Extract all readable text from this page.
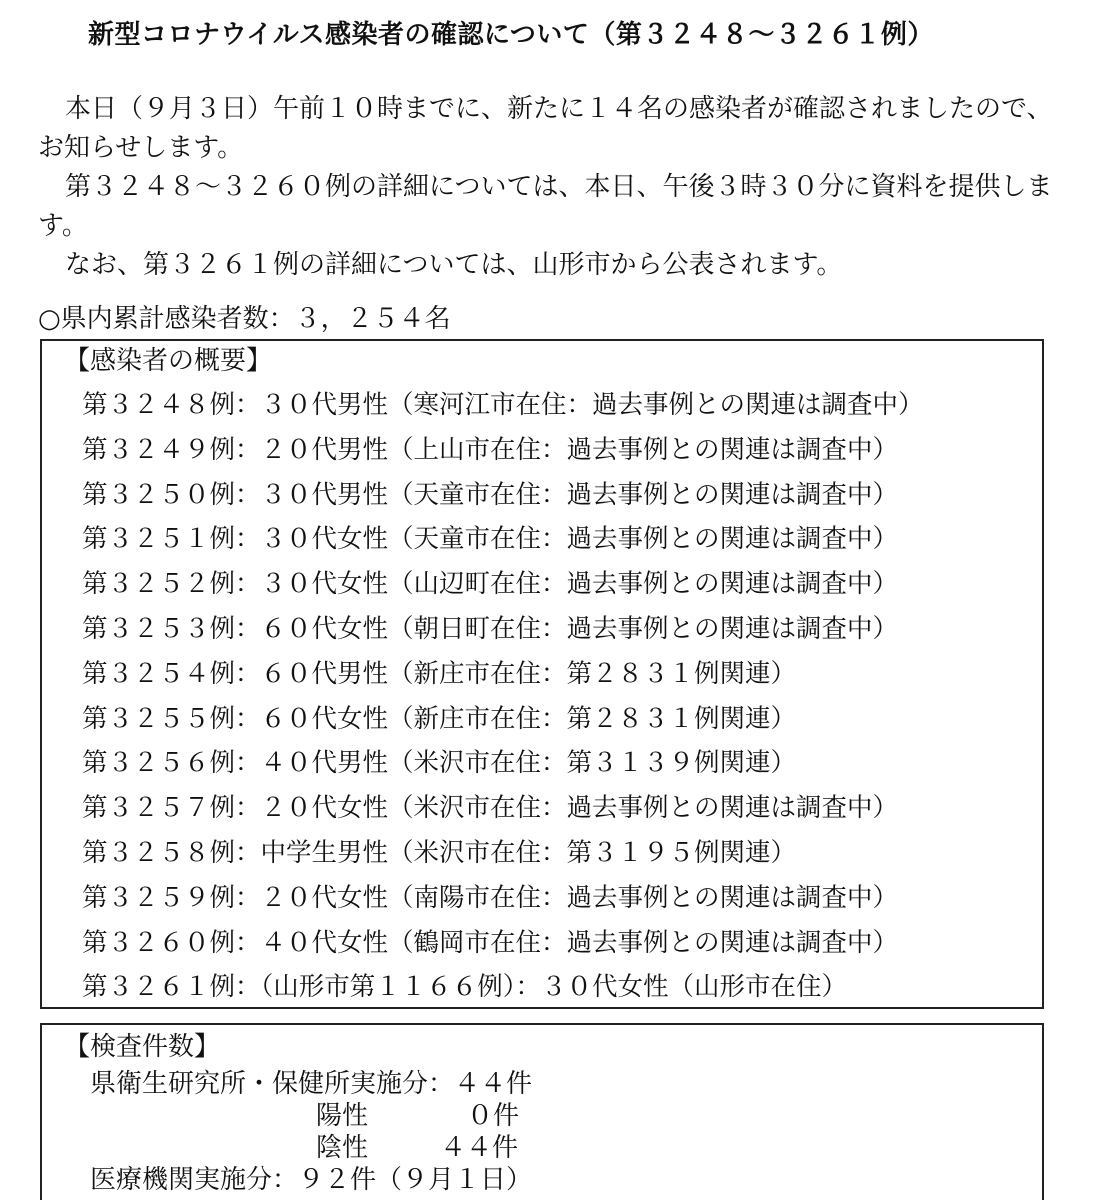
新型コロナウイルス感染者の確認について（第３２４８～３２６１例）

本日（９月３日）午前１０時までに、新たに１４名の感染者が確認されましたので、お知らせします。

第３２４８～３２６０例の詳細については、本日、午後３時３０分に資料を提供します。

なお、第３２６１例の詳細については、山形市から公表されます。

○県内累計感染者数：３，２５４名
【感染者の概要】
第３２４８例：３０代男性（寒河江市在住：過去事例との関連は調査中）
第３２４９例：２０代男性（上山市在住：過去事例との関連は調査中）
第３２５０例：３０代男性（天童市在住：過去事例との関連は調査中）
第３２５１例：３０代女性（天童市在住：過去事例との関連は調査中）
第３２５２例：３０代女性（山辺町在住：過去事例との関連は調査中）
第３２５３例：６０代女性（朝日町在住：過去事例との関連は調査中）
第３２５４例：６０代男性（新庄市在住：第２８３１例関連）
第３２５５例：６０代女性（新庄市在住：第２８３１例関連）
第３２５６例：４０代男性（米沢市在住：第３１３９例関連）
第３２５７例：２０代女性（米沢市在住：過去事例との関連は調査中）
第３２５８例：中学生男性（米沢市在住：第３１９５例関連）
第３２５９例：２０代女性（南陽市在住：過去事例との関連は調査中）
第３２６０例：４０代女性（鶴岡市在住：過去事例との関連は調査中）
第３２６１例：（山形市第１１６６例）：３０代女性（山形市在住）
【検査件数】
県衛生研究所・保健所実施分：４４件
陽性	０件
陰性	４４件
医療機関実施分：９２件（９月１日）
